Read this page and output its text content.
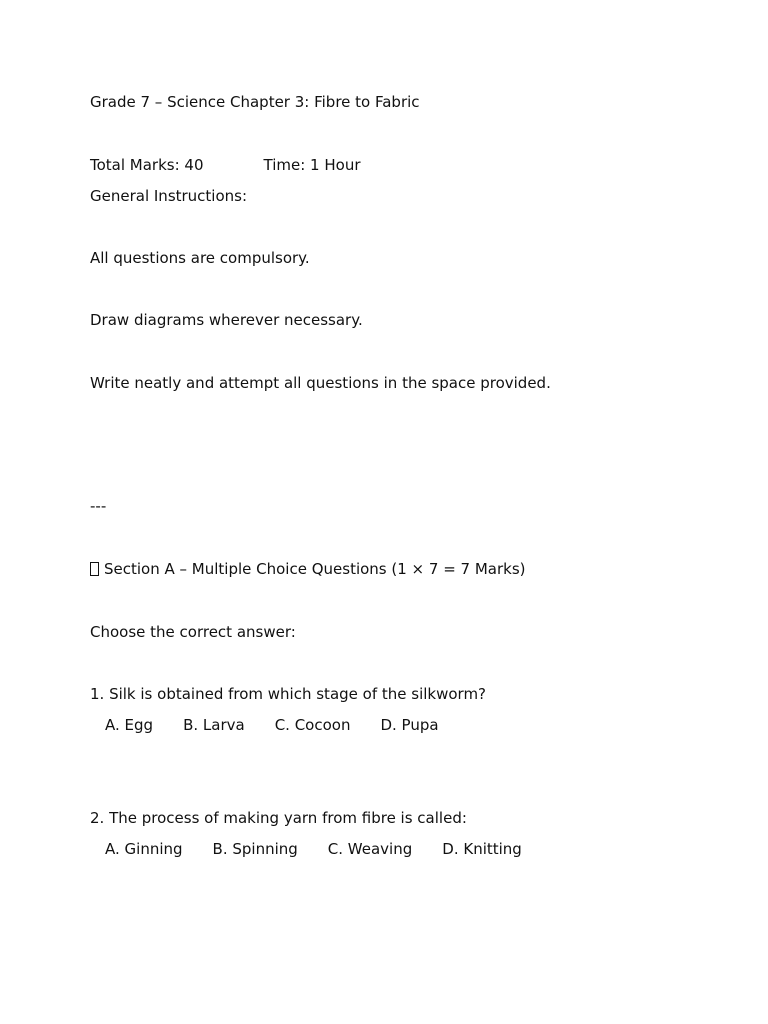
Grade 7 – Science Chapter 3: Fibre to Fabric
Total Marks: 40	Time: 1 Hour
General Instructions:
All questions are compulsory.
Draw diagrams wherever necessary.
Write neatly and attempt all questions in the space provided.
---
Section A – Multiple Choice Questions (1 × 7 = 7 Marks)
Choose the correct answer:
1. Silk is obtained from which stage of the silkworm?
A. Egg B. Larva C. Cocoon D. Pupa
2. The process of making yarn from fibre is called:
A. Ginning B. Spinning C. Weaving D. Knitting
